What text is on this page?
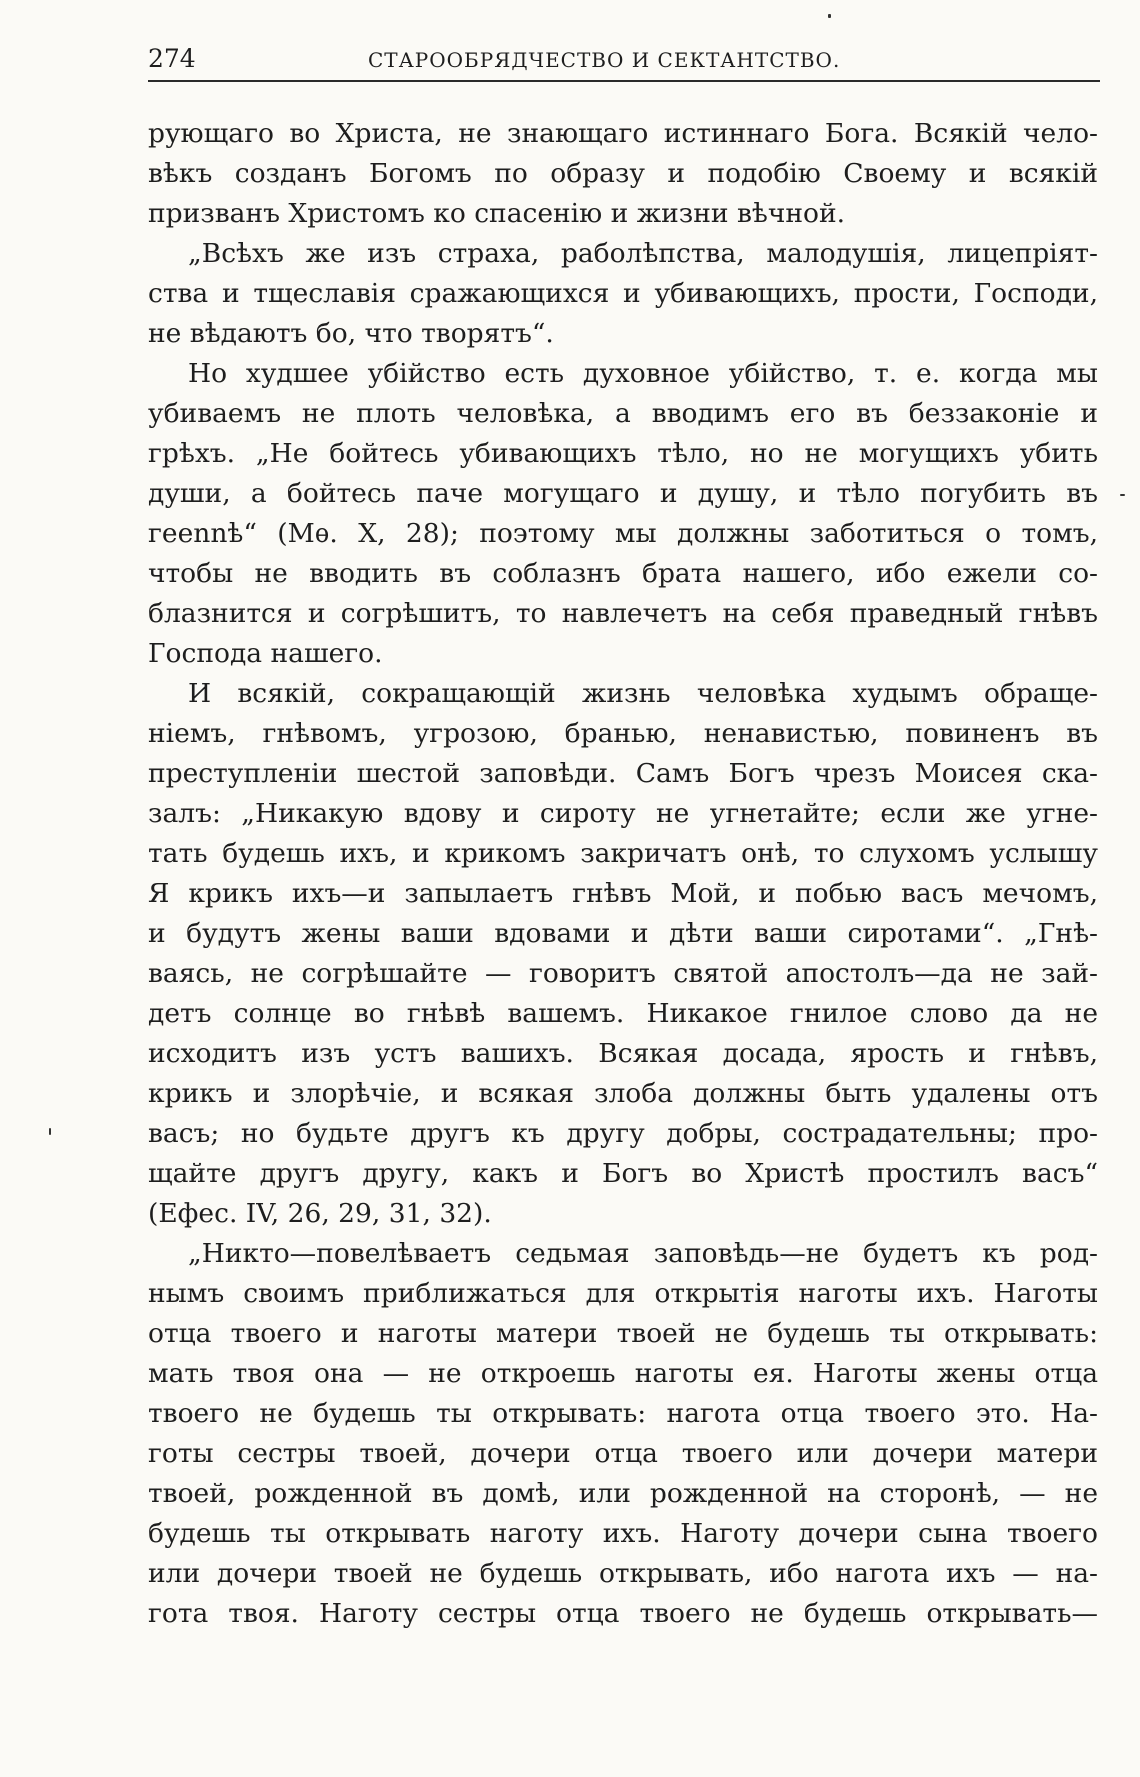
274	СТАРООБРЯДЧЕСТВО И СЕКТАНТСТВО.

рующаго во Христа, не знающаго истиннаго Бога. Всякій чело-
вѣкъ созданъ Богомъ по образу и подобію Своему и всякій
призванъ Христомъ ко спасенію и жизни вѣчной.

„Всѣхъ же изъ страха, раболѣпства, малодушія, лицепріят-
ства и тщеславія сражающихся и убивающихъ, прости, Господи,
не вѣдаютъ бо, что творятъ“.

Но худшее убійство есть духовное убійство, т. е. когда мы
убиваемъ не плоть человѣка, а вводимъ его въ беззаконіе и
грѣхъ. „Не бойтесь убивающихъ тѣло, но не могущихъ убить
души, а бойтесь паче могущаго и душу, и тѣло погубить въ
геennѣ“ (Мѳ. X, 28); поэтому мы должны заботиться о томъ,
чтобы не вводить въ соблазнъ брата нашего, ибо ежели со-
блазнится и согрѣшитъ, то навлечетъ на себя праведный гнѣвъ
Господа нашего.

И всякій, сокращающій жизнь человѣка худымъ обраще-
ніемъ, гнѣвомъ, угрозою, бранью, ненавистью, повиненъ въ
преступленіи шестой заповѣди. Самъ Богъ чрезъ Моисея ска-
залъ: „Никакую вдову и сироту не угнетайте; если же угне-
тать будешь ихъ, и крикомъ закричатъ онѣ, то слухомъ услышу
Я крикъ ихъ—и запылаетъ гнѣвъ Мой, и побью васъ мечомъ,
и будутъ жены ваши вдовами и дѣти ваши сиротами“. „Гнѣ-
ваясь, не согрѣшайте — говоритъ святой апостолъ—да не зай-
детъ солнце во гнѣвѣ вашемъ. Никакое гнилое слово да не
исходитъ изъ устъ вашихъ. Всякая досада, ярость и гнѣвъ,
крикъ и злорѣчіе, и всякая злоба должны быть удалены отъ
васъ; но будьте другъ къ другу добры, сострадательны; про-
щайте другъ другу, какъ и Богъ во Христѣ простилъ васъ“
(Ефес. IV, 26, 29, 31, 32).

„Никто—повелѣваетъ седьмая заповѣдь—не будетъ къ род-
нымъ своимъ приближаться для открытія наготы ихъ. Наготы
отца твоего и наготы матери твоей не будешь ты открывать:
мать твоя она — не откроешь наготы ея. Наготы жены отца
твоего не будешь ты открывать: нагота отца твоего это. На-
готы сестры твоей, дочери отца твоего или дочери матери
твоей, рожденной въ домѣ, или рожденной на сторонѣ, — не
будешь ты открывать наготу ихъ. Наготу дочери сына твоего
или дочери твоей не будешь открывать, ибо нагота ихъ — на-
гота твоя. Наготу сестры отца твоего не будешь открывать—
